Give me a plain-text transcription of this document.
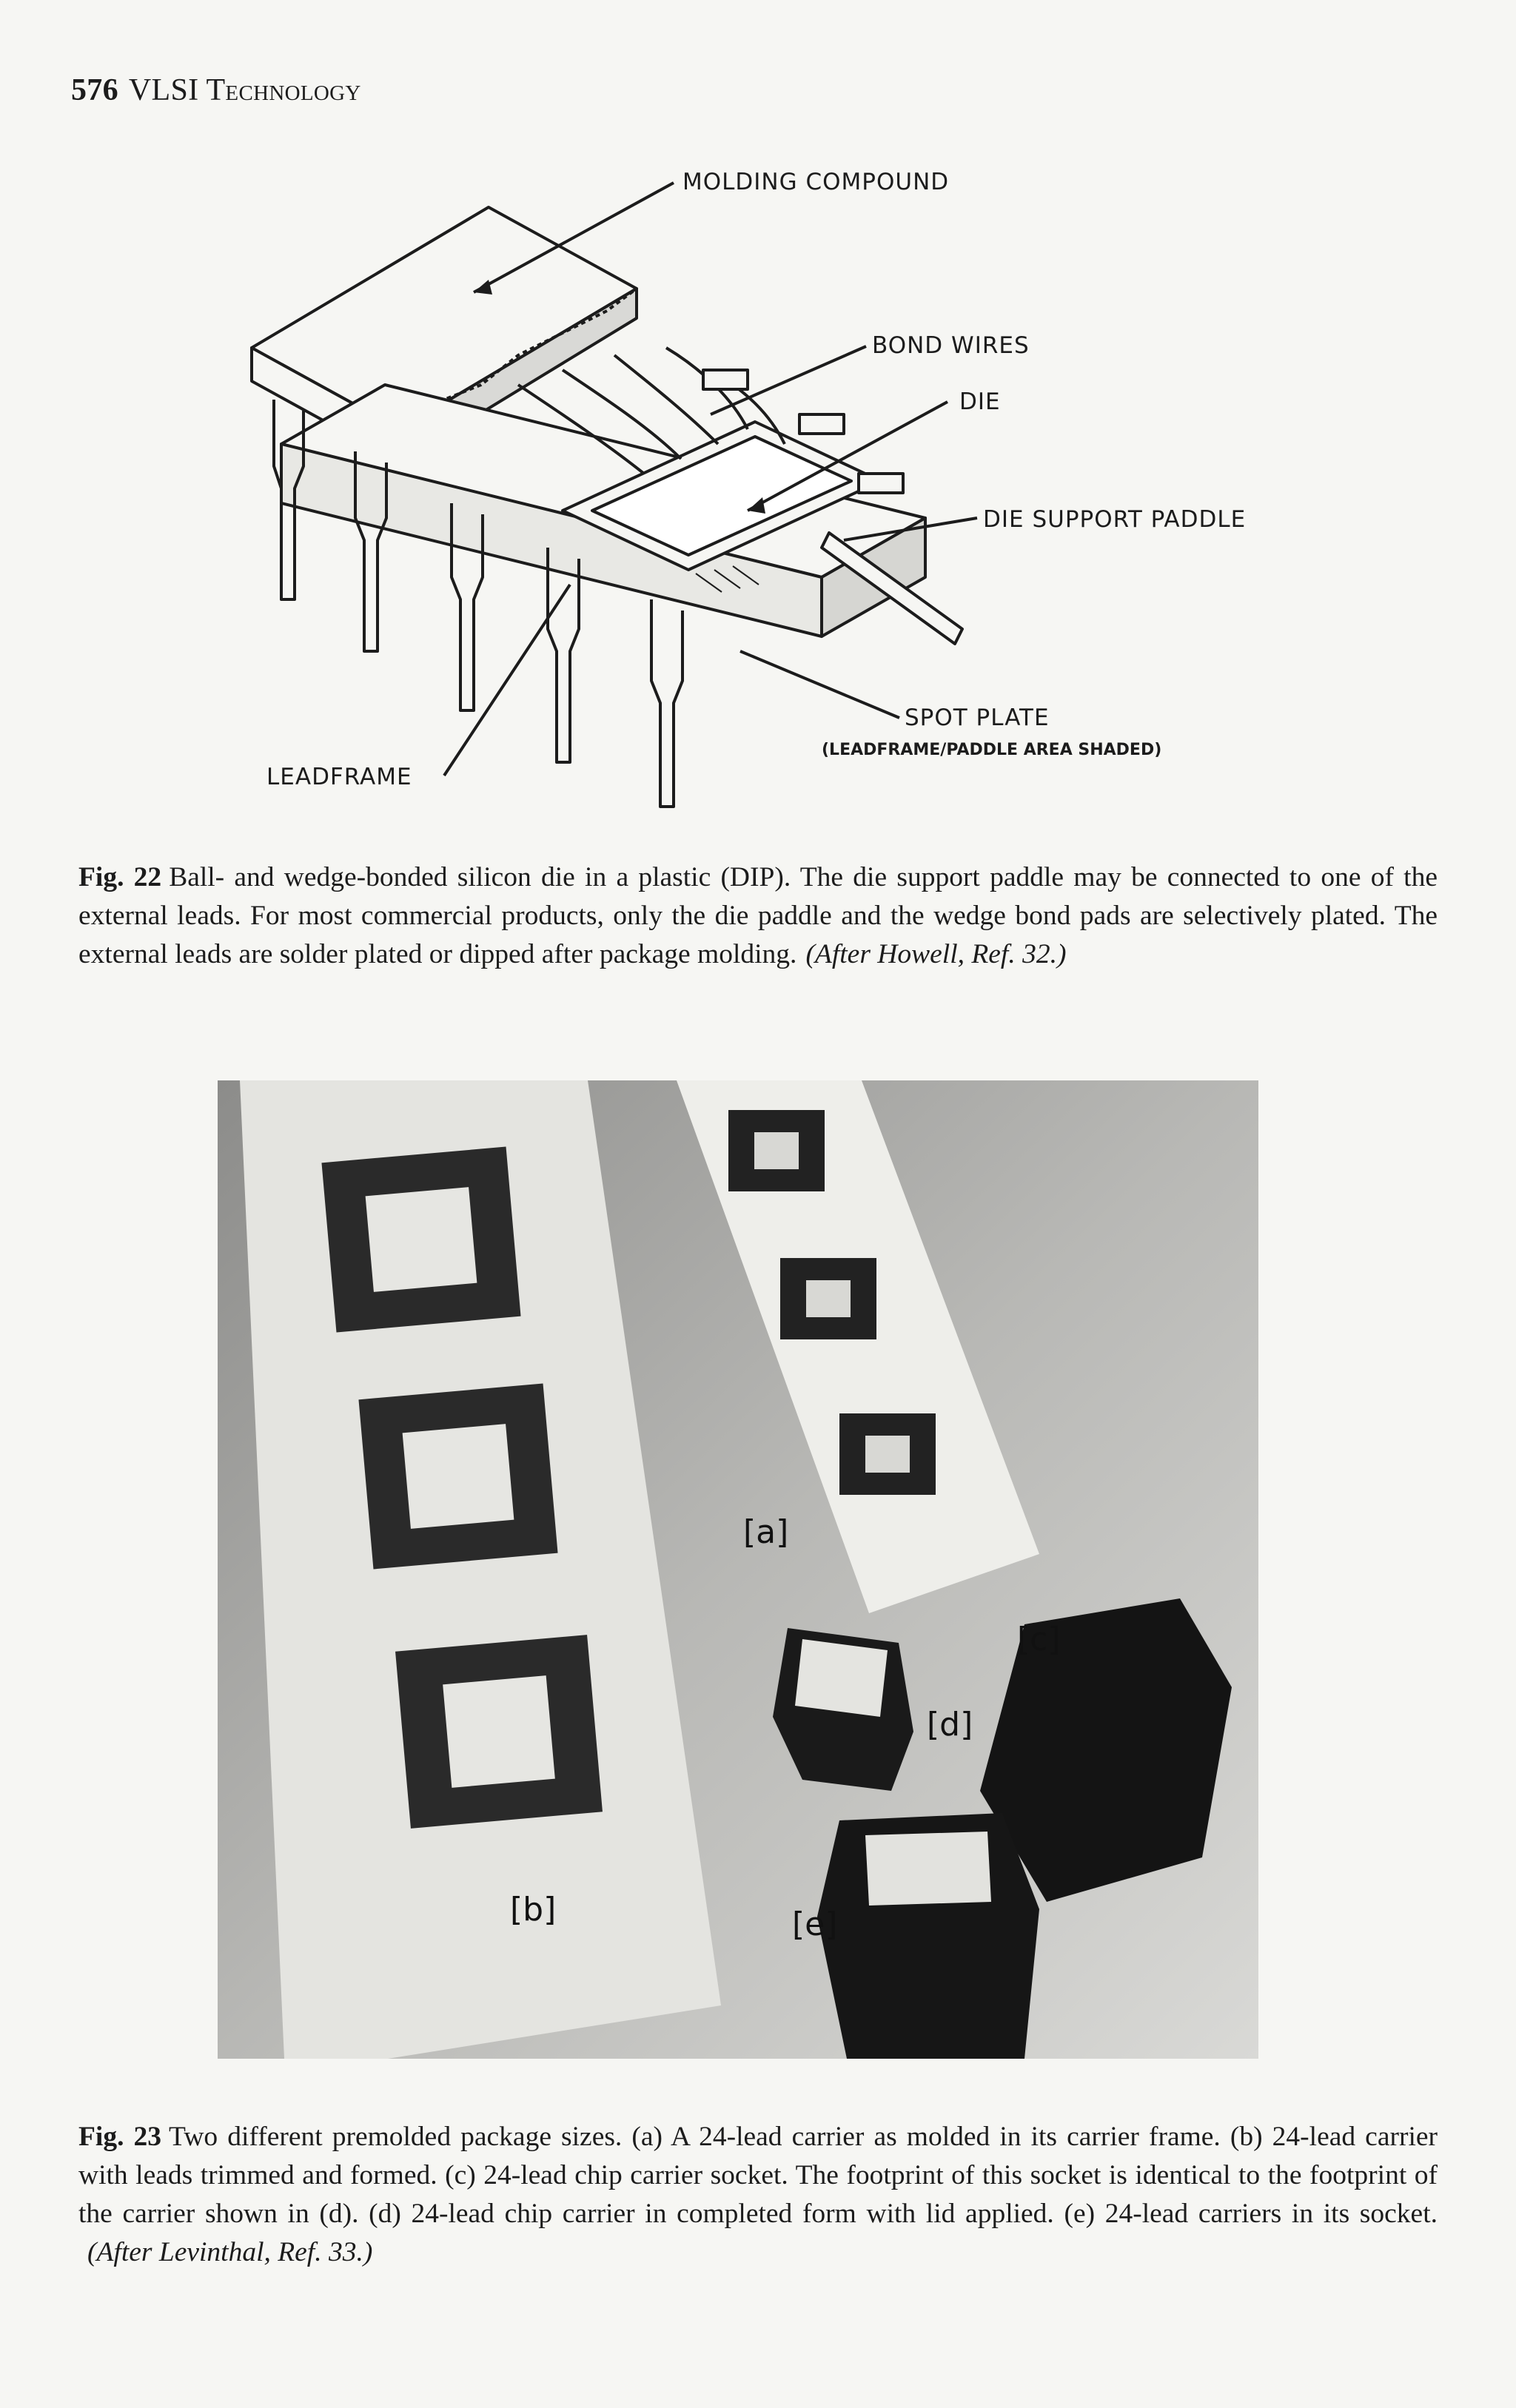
576 VLSI Technology
MOLDING COMPOUND
BOND WIRES
DIE
DIE SUPPORT PADDLE
SPOT PLATE
(LEADFRAME/PADDLE AREA SHADED)
LEADFRAME
Fig. 22 Ball- and wedge-bonded silicon die in a plastic (DIP). The die support paddle may be connected to one of the external leads. For most commercial products, only the die paddle and the wedge bond pads are selectively plated. The external leads are solder plated or dipped after package molding. (After Howell, Ref. 32.)
[a]
[b]
[c]
[d]
[e]
Fig. 23 Two different premolded package sizes. (a) A 24-lead carrier as molded in its carrier frame. (b) 24-lead carrier with leads trimmed and formed. (c) 24-lead chip carrier socket. The footprint of this socket is identical to the footprint of the carrier shown in (d). (d) 24-lead chip carrier in completed form with lid applied. (e) 24-lead carriers in its socket.(After Levinthal, Ref. 33.)
